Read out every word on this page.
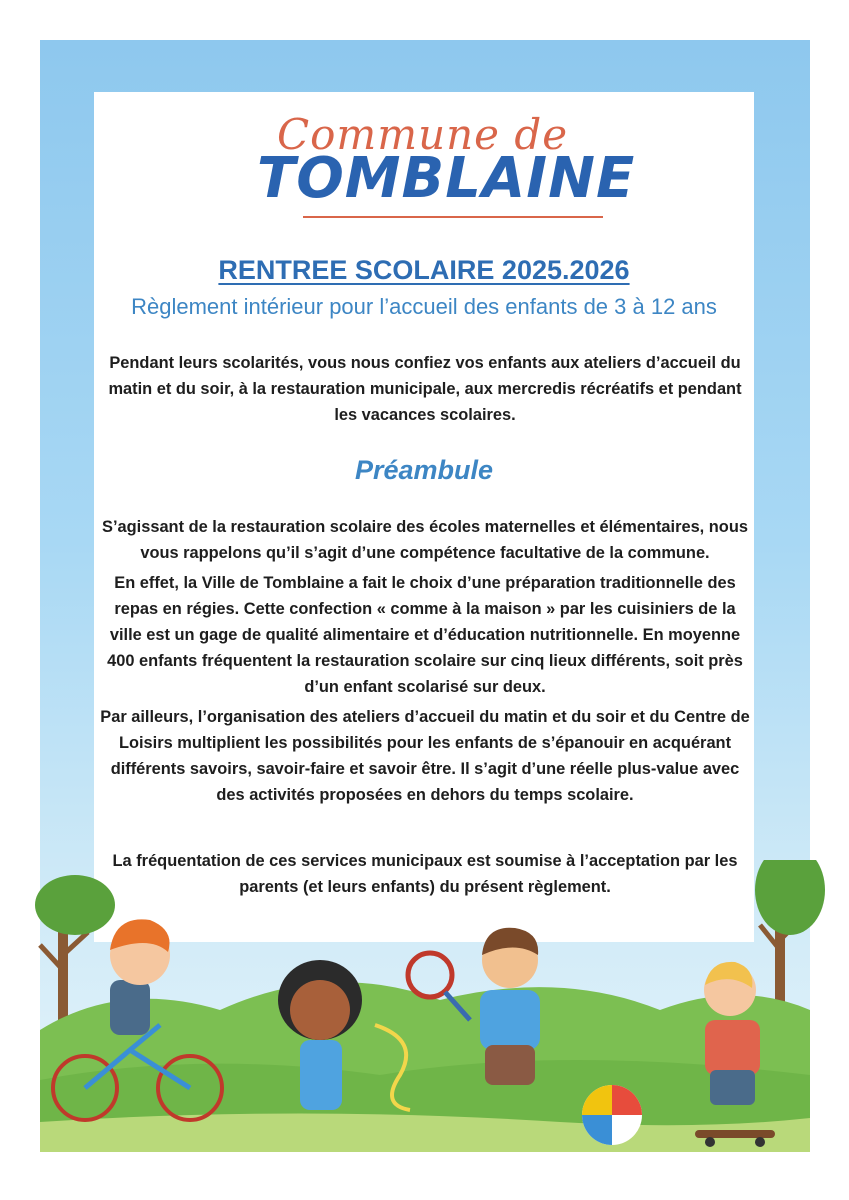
Commune de
TOMBLAINE
RENTREE SCOLAIRE 2025.2026
Règlement intérieur pour l’accueil des enfants de 3 à 12 ans
Pendant leurs scolarités, vous nous confiez vos enfants aux ateliers d’accueil du matin et du soir, à la restauration municipale, aux mercredis récréatifs et pendant les vacances scolaires.
Préambule
S’agissant de la restauration scolaire des écoles maternelles et élémentaires, nous vous rappelons qu’il s’agit d’une compétence facultative de la commune.
En effet, la Ville de Tomblaine a fait le choix d’une préparation traditionnelle des repas en régies. Cette confection « comme à la maison » par les cuisiniers de la ville est un gage de qualité alimentaire et d’éducation nutritionnelle. En moyenne 400 enfants fréquentent la restauration scolaire sur cinq lieux différents, soit près d’un enfant scolarisé sur deux.
Par ailleurs, l’organisation des ateliers d’accueil du matin et du soir et du Centre de Loisirs multiplient les possibilités pour les enfants de s’épanouir en acquérant différents savoirs, savoir-faire et savoir être. Il s’agit d’une réelle plus-value avec des activités proposées en dehors du temps scolaire.
La fréquentation de ces services municipaux est soumise à l’acceptation par les parents (et leurs enfants) du présent règlement.
